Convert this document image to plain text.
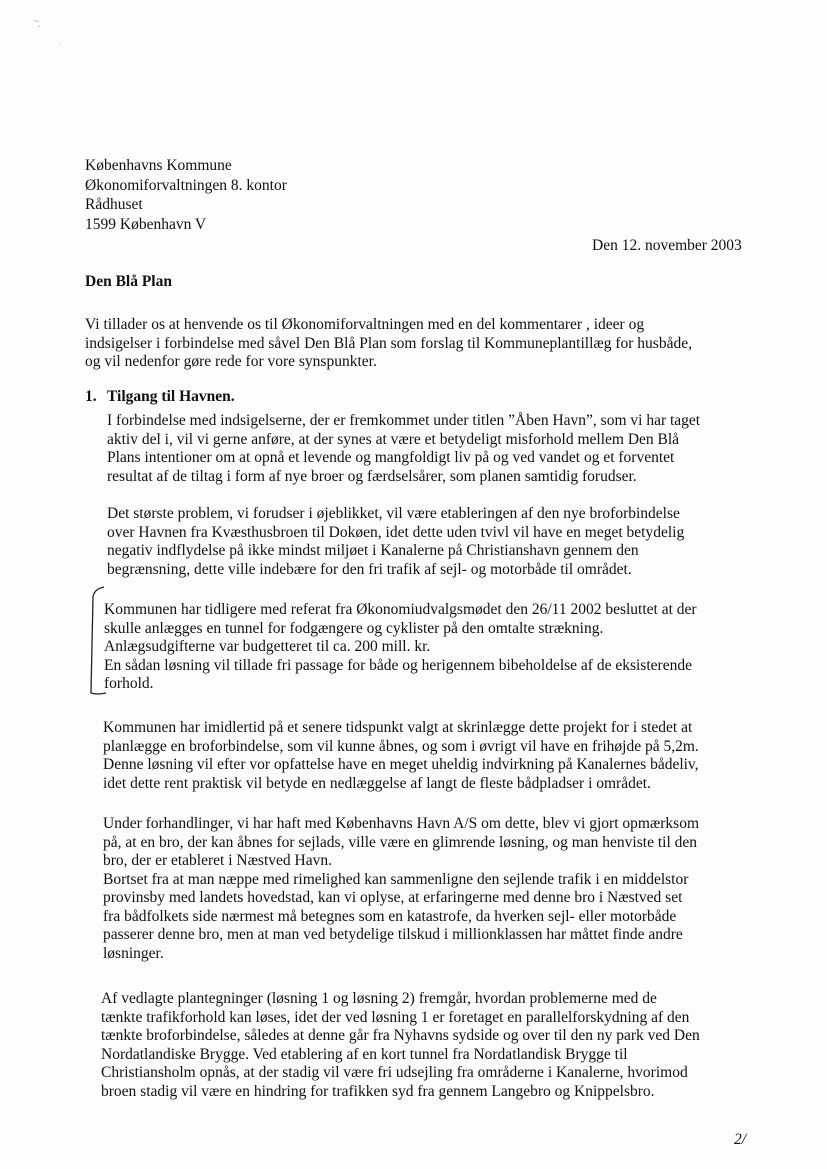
Københavns Kommune
Økonomiforvaltningen 8. kontor
Rådhuset
1599 København V
Den 12. november 2003
Den Blå Plan
Vi tillader os at henvende os til Økonomiforvaltningen med en del kommentarer , ideer og
indsigelser i forbindelse med såvel Den Blå Plan som forslag til Kommuneplantillæg for husbåde,
og vil nedenfor gøre rede for vore synspunkter.
1. Tilgang til Havnen.
I forbindelse med indsigelserne, der er fremkommet under titlen ”Åben Havn”, som vi har taget
aktiv del i, vil vi gerne anføre, at der synes at være et betydeligt misforhold mellem Den Blå
Plans intentioner om at opnå et levende og mangfoldigt liv på og ved vandet og et forventet
resultat af de tiltag i form af nye broer og færdselsårer, som planen samtidig forudser.
Det største problem, vi forudser i øjeblikket, vil være etableringen af den nye broforbindelse
over Havnen fra Kvæsthusbroen til Dokøen, idet dette uden tvivl vil have en meget betydelig
negativ indflydelse på ikke mindst miljøet i Kanalerne på Christianshavn gennem den
begrænsning, dette ville indebære for den fri trafik af sejl- og motorbåde til området.
Kommunen har tidligere med referat fra Økonomiudvalgsmødet den 26/11 2002 besluttet at der
skulle anlægges en tunnel for fodgængere og cyklister på den omtalte strækning.
Anlægsudgifterne var budgetteret til ca. 200 mill. kr.
En sådan løsning vil tillade fri passage for både og herigennem bibeholdelse af de eksisterende
forhold.
Kommunen har imidlertid på et senere tidspunkt valgt at skrinlægge dette projekt for i stedet at
planlægge en broforbindelse, som vil kunne åbnes, og som i øvrigt vil have en frihøjde på 5,2m.
Denne løsning vil efter vor opfattelse have en meget uheldig indvirkning på Kanalernes bådeliv,
idet dette rent praktisk vil betyde en nedlæggelse af langt de fleste bådpladser i området.
Under forhandlinger, vi har haft med Københavns Havn A/S om dette, blev vi gjort opmærksom
på, at en bro, der kan åbnes for sejlads, ville være en glimrende løsning, og man henviste til den
bro, der er etableret i Næstved Havn.
Bortset fra at man næppe med rimelighed kan sammenligne den sejlende trafik i en middelstor
provinsby med landets hovedstad, kan vi oplyse, at erfaringerne med denne bro i Næstved set
fra bådfolkets side nærmest må betegnes som en katastrofe, da hverken sejl- eller motorbåde
passerer denne bro, men at man ved betydelige tilskud i millionklassen har måttet finde andre
løsninger.
Af vedlagte plantegninger (løsning 1 og løsning 2) fremgår, hvordan problemerne med de
tænkte trafikforhold kan løses, idet der ved løsning 1 er foretaget en parallelforskydning af den
tænkte broforbindelse, således at denne går fra Nyhavns sydside og over til den ny park ved Den
Nordatlandiske Brygge. Ved etablering af en kort tunnel fra Nordatlandisk Brygge til
Christiansholm opnås, at der stadig vil være fri udsejling fra områderne i Kanalerne, hvorimod
broen stadig vil være en hindring for trafikken syd fra gennem Langebro og Knippelsbro.
2/
